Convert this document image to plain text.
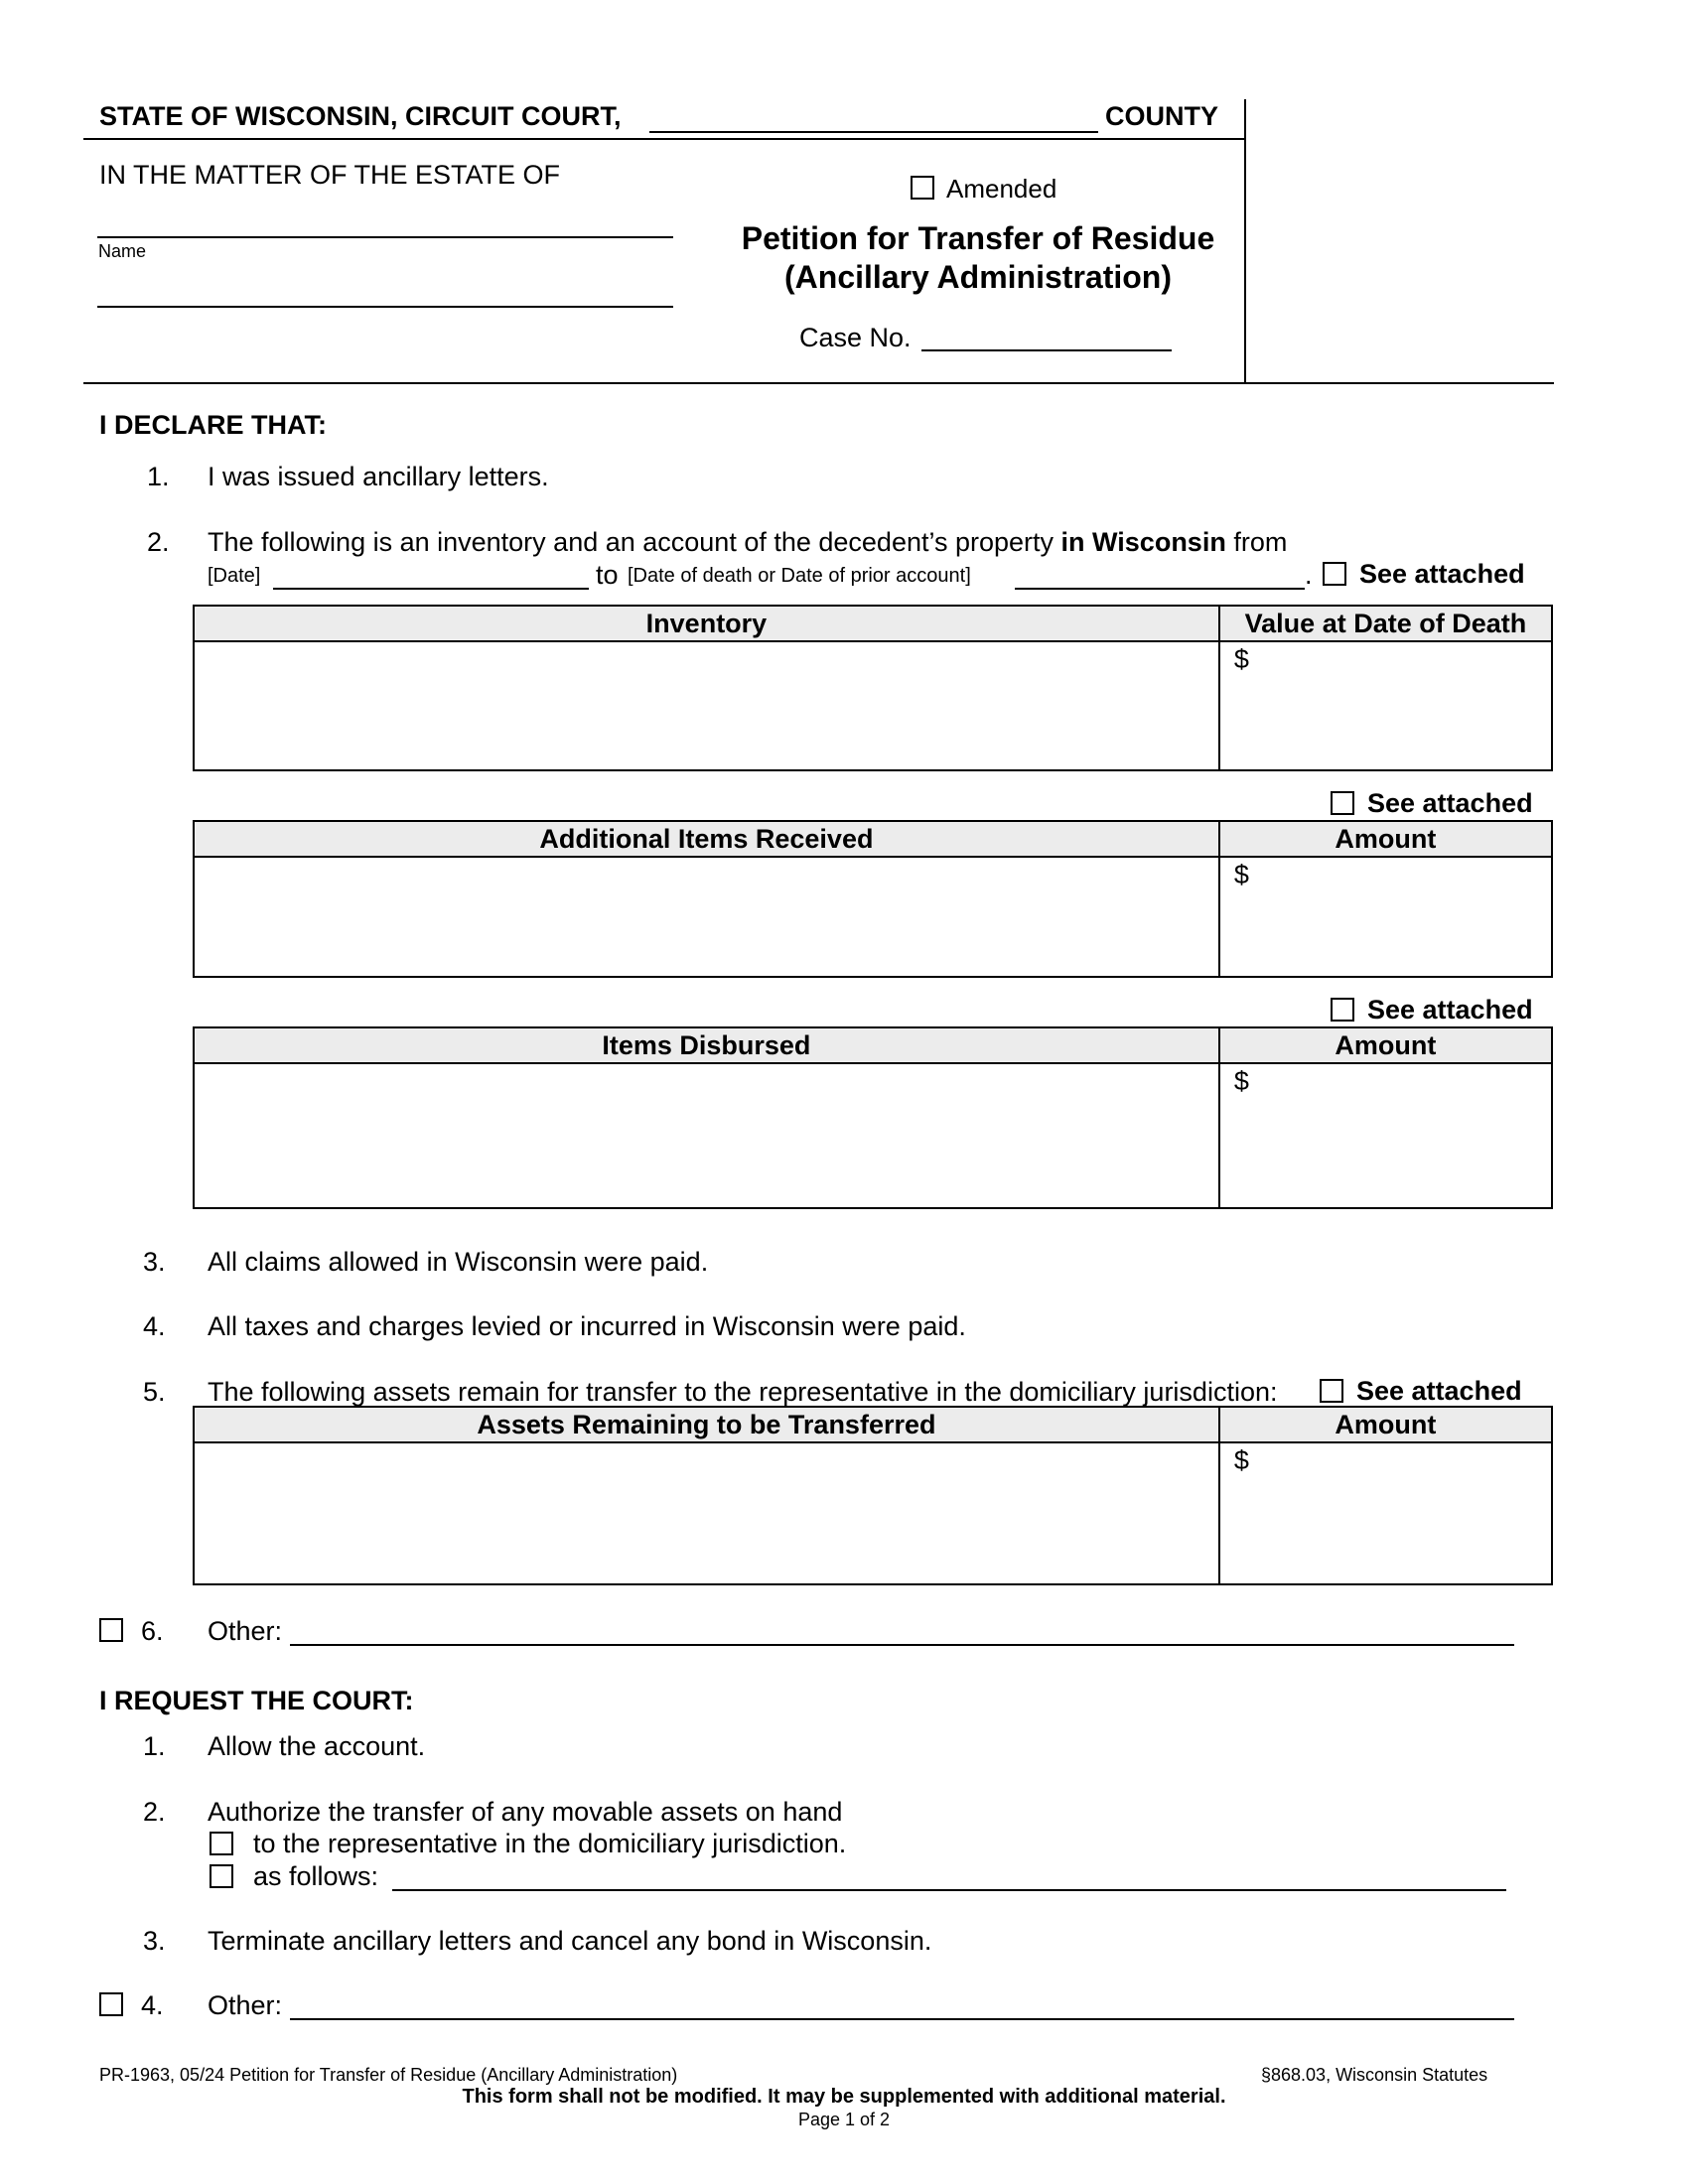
STATE OF WISCONSIN, CIRCUIT COURT,	COUNTY
IN THE MATTER OF THE ESTATE OF
Name
Amended
Petition for Transfer of Residue
(Ancillary Administration)
Case No.
I DECLARE THAT:
1. I was issued ancillary letters.
2. The following is an inventory and an account of the decedent’s property in Wisconsin from
[Date]	to [Date of death or Date of prior account]	. See attached
Inventory	Value at Date of Death

	$
See attached
Additional Items Received	Amount

	$
See attached
Items Disbursed	Amount

	$
3. All claims allowed in Wisconsin were paid.
4. All taxes and charges levied or incurred in Wisconsin were paid.
5. The following assets remain for transfer to the representative in the domiciliary jurisdiction:	See attached
Assets Remaining to be Transferred	Amount

	$
6. Other:
I REQUEST THE COURT:
1. Allow the account.
2. Authorize the transfer of any movable assets on hand
to the representative in the domiciliary jurisdiction.
as follows:
3. Terminate ancillary letters and cancel any bond in Wisconsin.
4. Other:
PR-1963, 05/24 Petition for Transfer of Residue (Ancillary Administration)	§868.03, Wisconsin Statutes
This form shall not be modified. It may be supplemented with additional material.
Page 1 of 2
